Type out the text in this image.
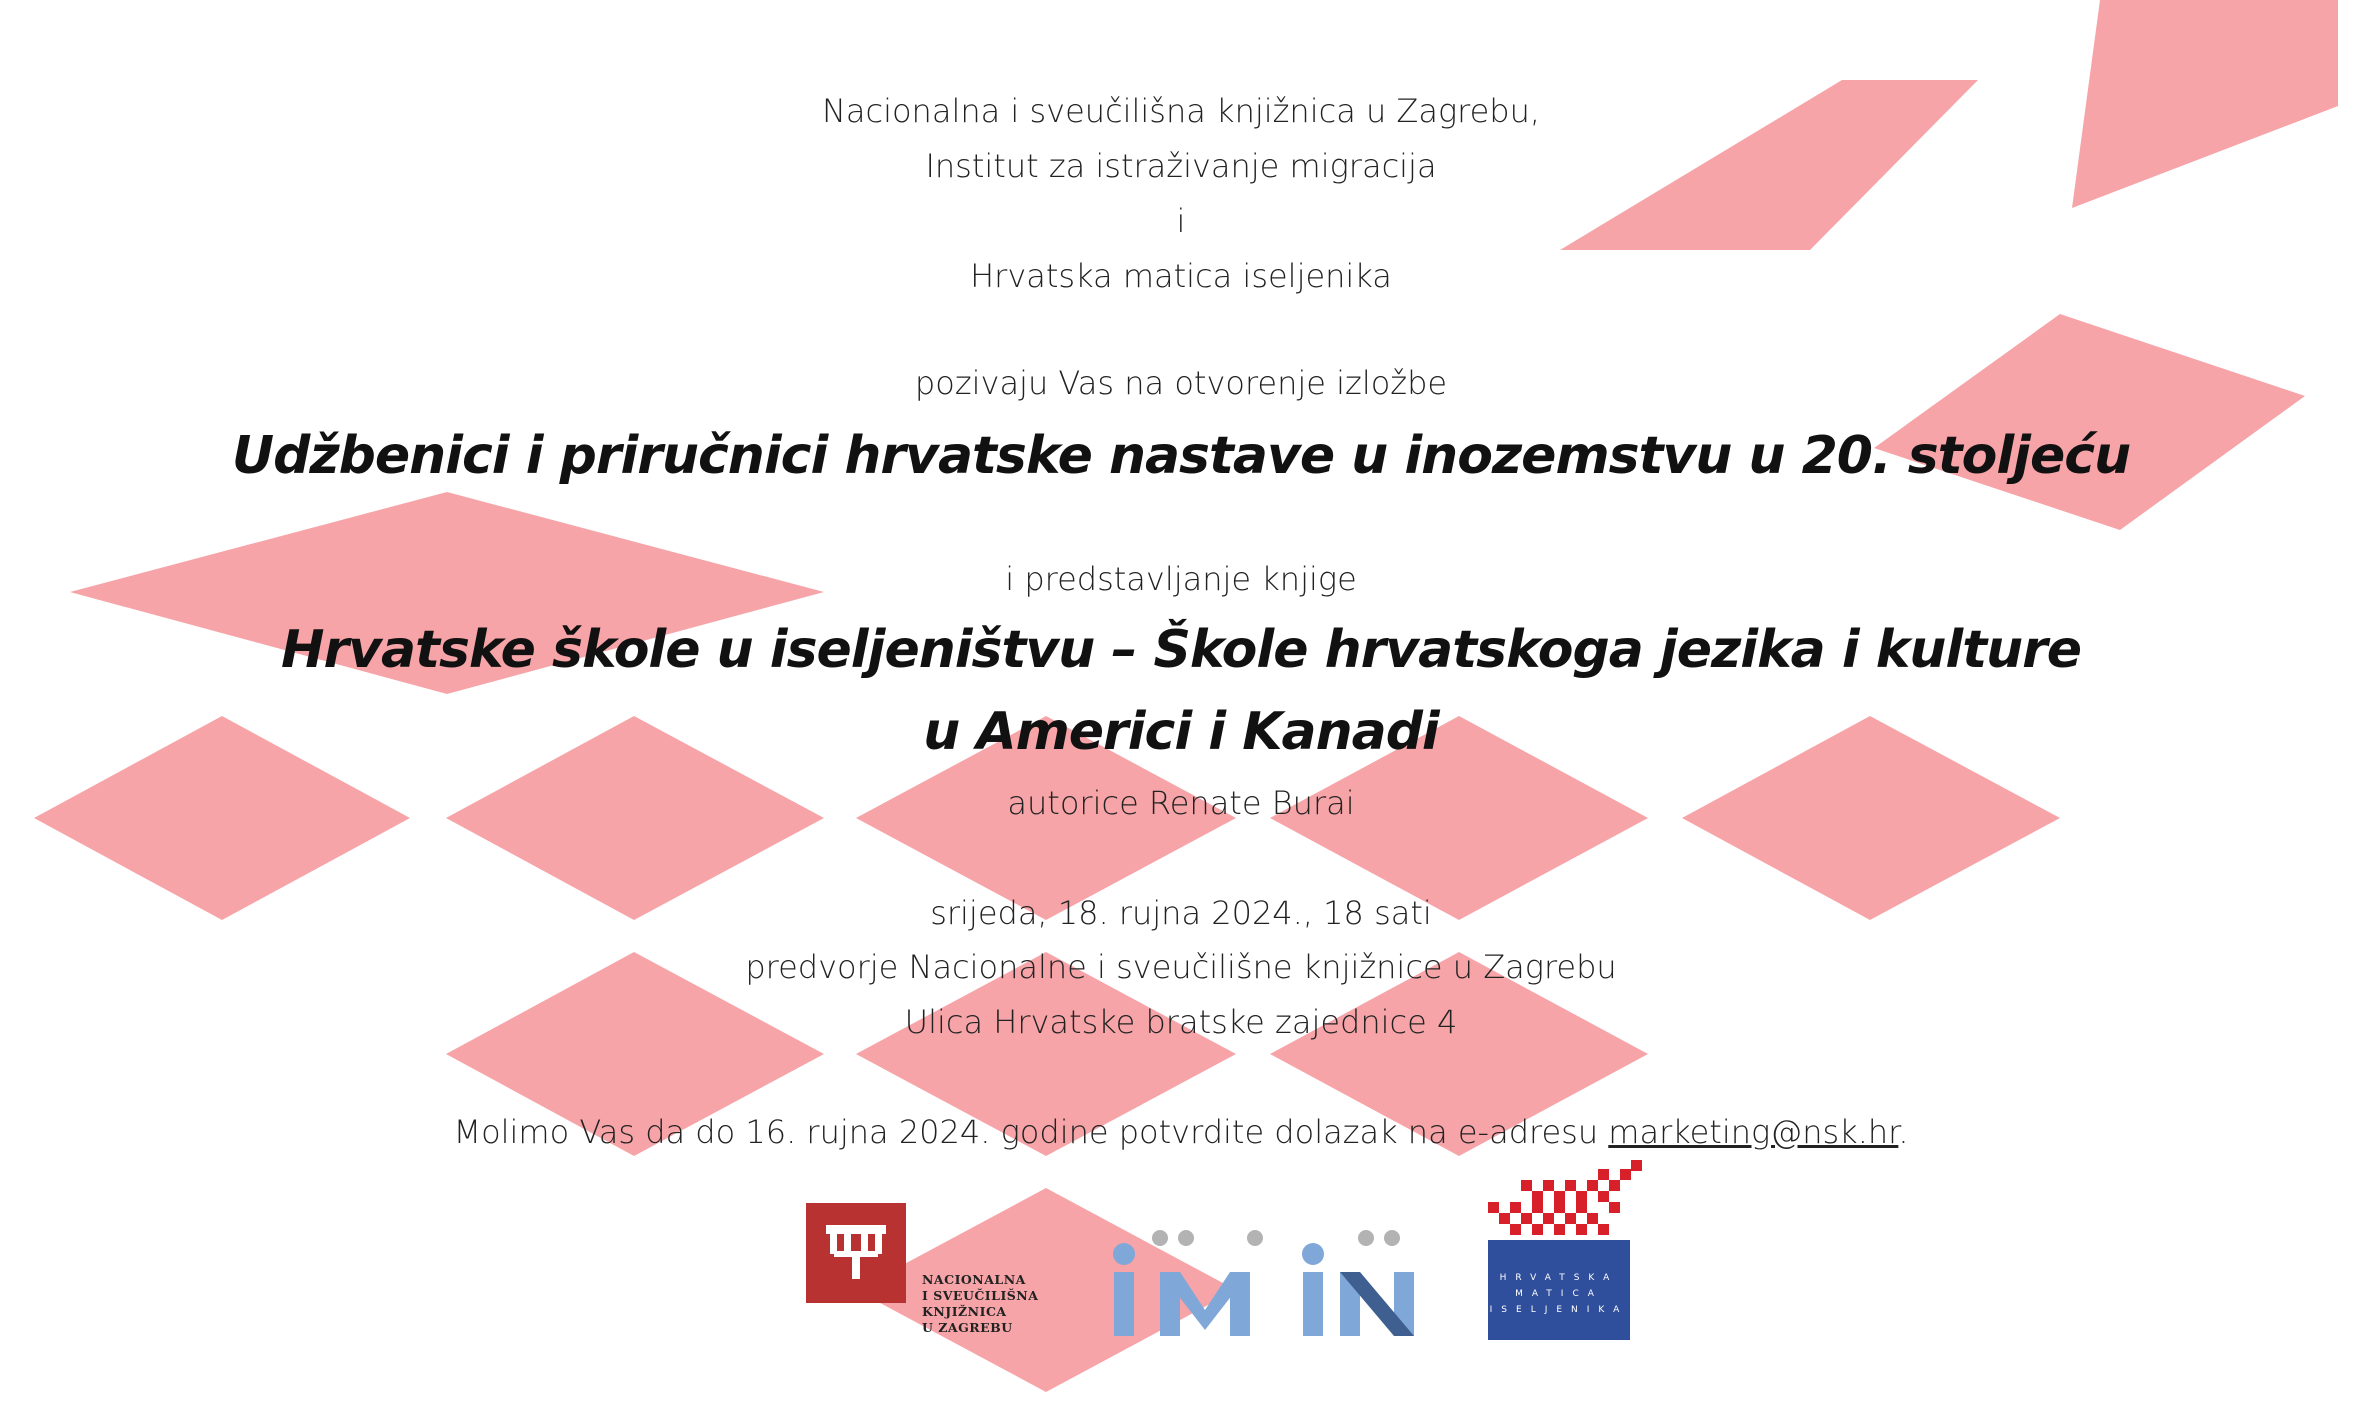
Nacionalna i sveučilišna knjižnica u Zagrebu,
Institut za istraživanje migracija
i
Hrvatska matica iseljenika
pozivaju Vas na otvorenje izložbe
Udžbenici i priručnici hrvatske nastave u inozemstvu u 20. stoljeću
i predstavljanje knjige
Hrvatske škole u iseljeništvu – Škole hrvatskoga jezika i kulture
u Americi i Kanadi
autorice Renate Burai
srijeda, 18. rujna 2024., 18 sati
predvorje Nacionalne i sveučilišne knjižnice u Zagrebu
Ulica Hrvatske bratske zajednice 4
Molimo Vas da do 16. rujna 2024. godine potvrdite dolazak na e-adresu marketing@nsk.hr.
NACIONALNA
I SVEUČILIŠNA
KNJIŽNICA
U ZAGREBU
HRVATSKA
MATICA
ISELJENIKA
